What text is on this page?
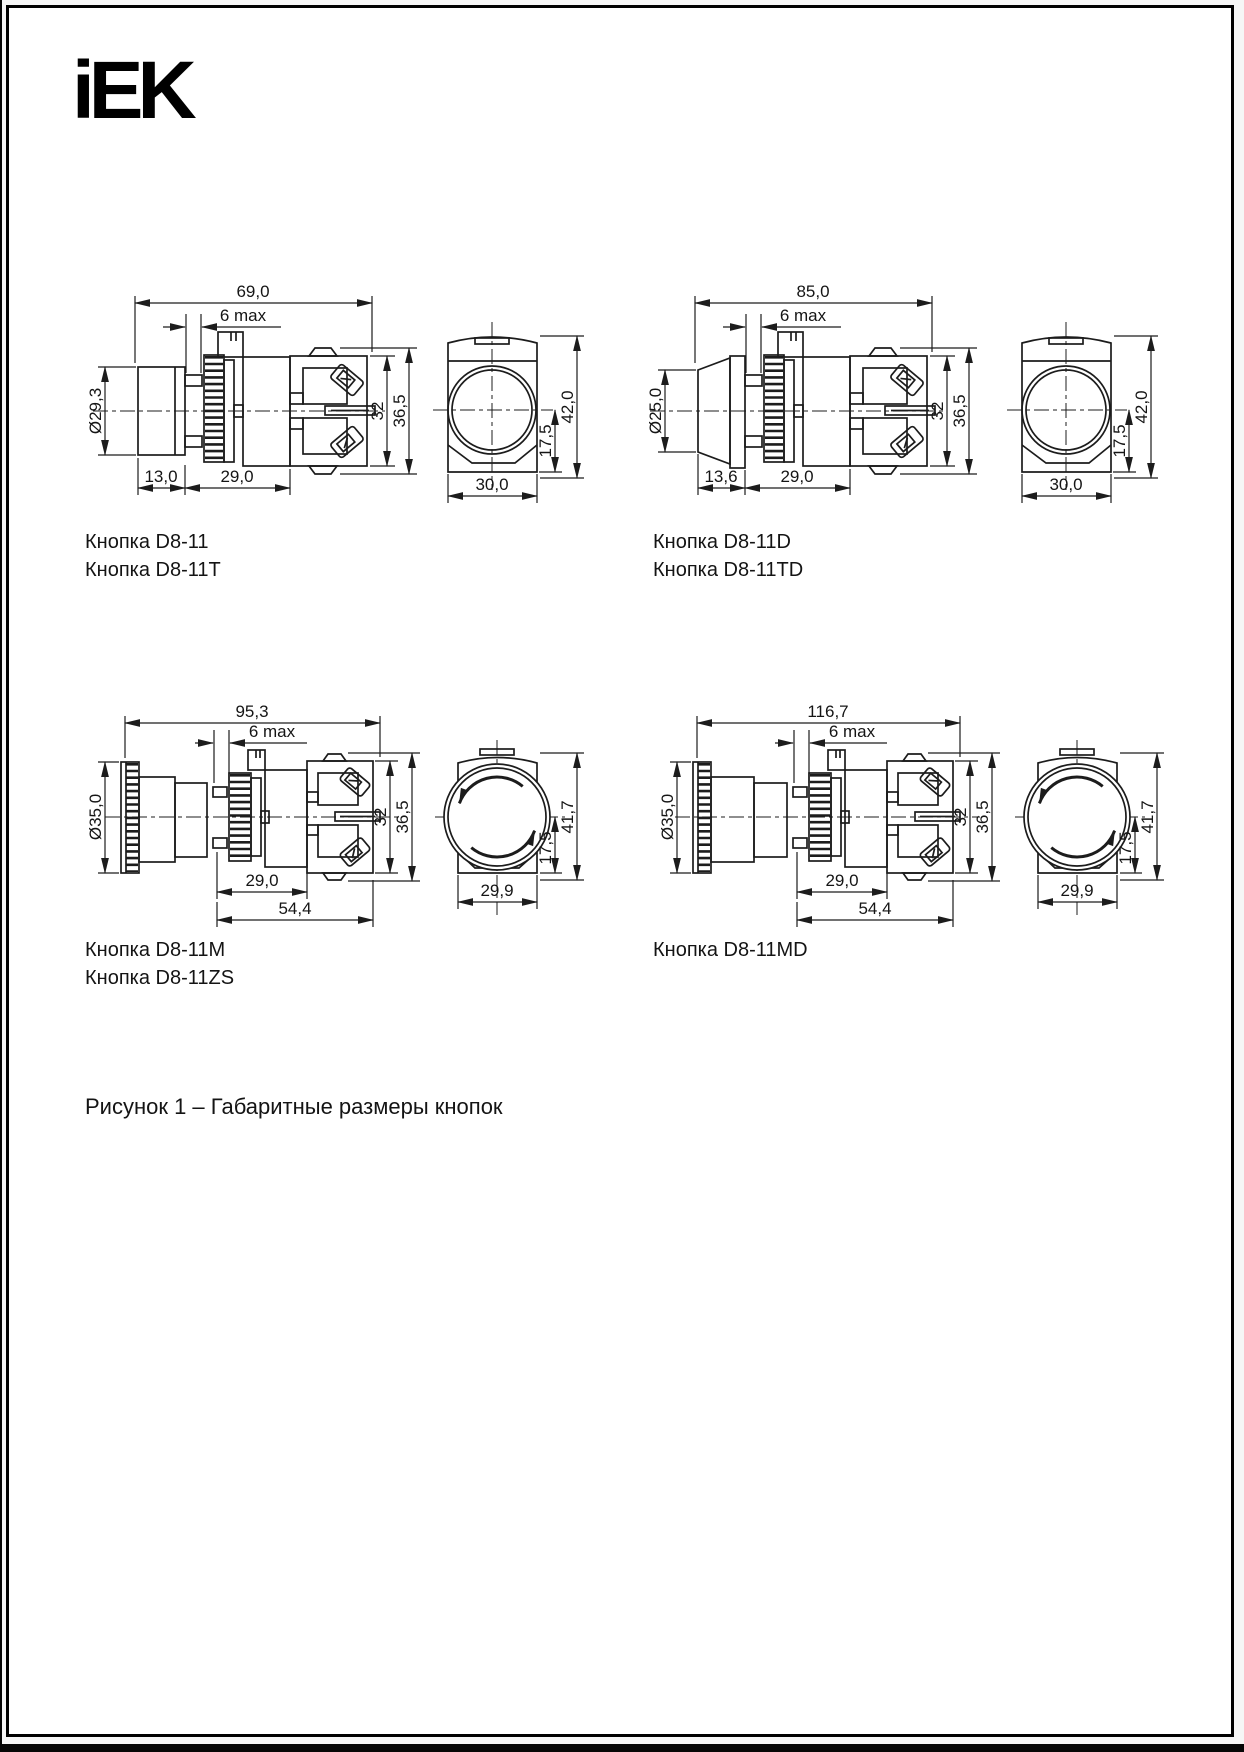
iEK
69,0
6 max
Ø29,3
13,0	29,0
32 36,5
30,0
17,5
42,0
85,0
6 max
Ø25,0
13,6	29,0
32 36,5
30,0
17,5
42,0
95,3
6 max
Ø35,0
29,0
54,4
32 36,5
29,9
17,5
41,7
116,7
6 max
Ø35,0
29,0
54,4
32 36,5
29,9
17,5
41,7
Кнопка D8-11
Кнопка D8-11T
Кнопка D8-11D
Кнопка D8-11TD
Кнопка D8-11M
Кнопка D8-11ZS
Кнопка D8-11MD
Рисунок 1 – Габаритные размеры кнопок
